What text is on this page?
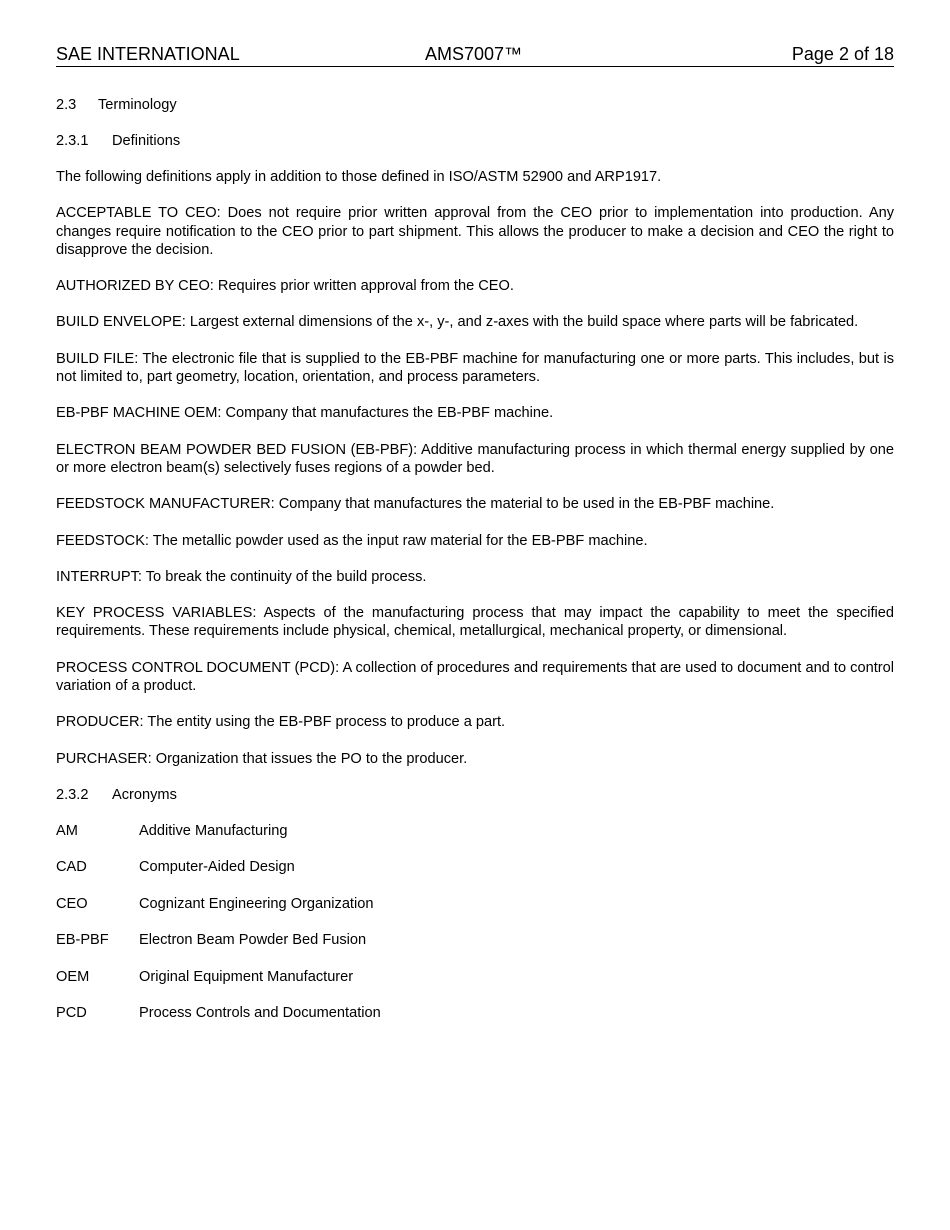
SAE INTERNATIONAL	AMS7007™	Page 2 of 18
2.3 Terminology
2.3.1 Definitions

The following definitions apply in addition to those defined in ISO/ASTM 52900 and ARP1917.

ACCEPTABLE TO CEO: Does not require prior written approval from the CEO prior to implementation into production. Any changes require notification to the CEO prior to part shipment. This allows the producer to make a decision and CEO the right to disapprove the decision.

AUTHORIZED BY CEO: Requires prior written approval from the CEO.

BUILD ENVELOPE: Largest external dimensions of the x-, y-, and z-axes with the build space where parts will be fabricated.

BUILD FILE: The electronic file that is supplied to the EB-PBF machine for manufacturing one or more parts. This includes, but is not limited to, part geometry, location, orientation, and process parameters.

EB-PBF MACHINE OEM: Company that manufactures the EB-PBF machine.

ELECTRON BEAM POWDER BED FUSION (EB-PBF): Additive manufacturing process in which thermal energy supplied by one or more electron beam(s) selectively fuses regions of a powder bed.

FEEDSTOCK MANUFACTURER: Company that manufactures the material to be used in the EB-PBF machine.

FEEDSTOCK: The metallic powder used as the input raw material for the EB-PBF machine.

INTERRUPT: To break the continuity of the build process.

KEY PROCESS VARIABLES: Aspects of the manufacturing process that may impact the capability to meet the specified requirements. These requirements include physical, chemical, metallurgical, mechanical property, or dimensional.

PROCESS CONTROL DOCUMENT (PCD): A collection of procedures and requirements that are used to document and to control variation of a product.

PRODUCER: The entity using the EB-PBF process to produce a part.

PURCHASER: Organization that issues the PO to the producer.

2.3.2 Acronyms
AM	Additive Manufacturing
CAD	Computer-Aided Design
CEO	Cognizant Engineering Organization
EB-PBF Electron Beam Powder Bed Fusion
OEM	Original Equipment Manufacturer
PCD	Process Controls and Documentation
